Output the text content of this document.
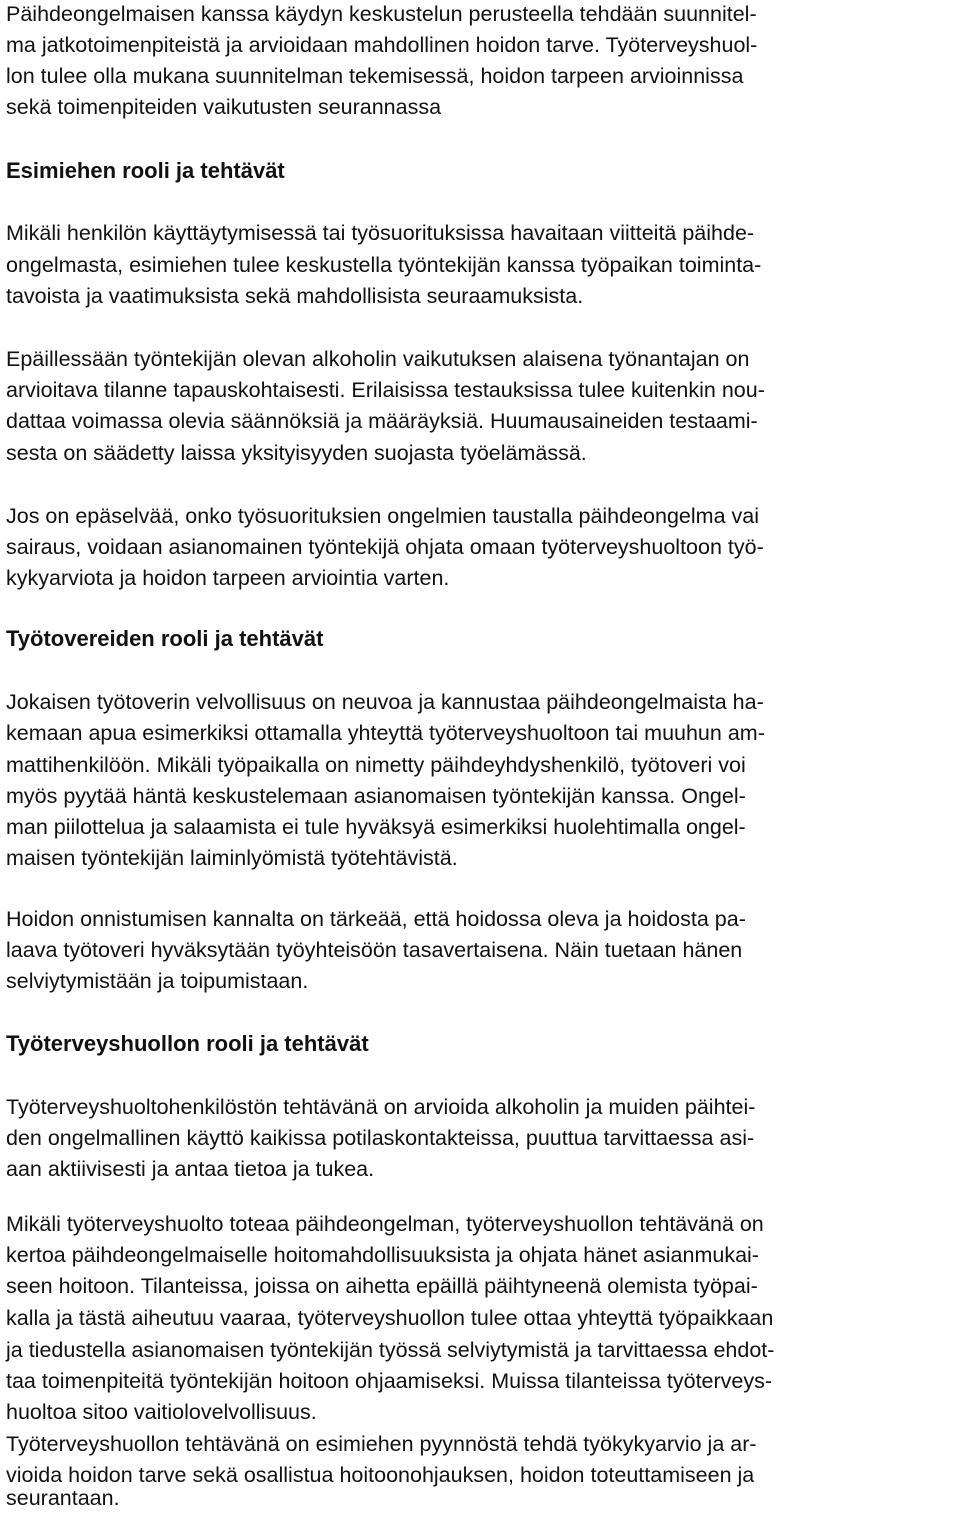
Päihdeongelmaisen kanssa käydyn keskustelun perusteella tehdään suunnitel-
ma jatkotoimenpiteistä ja arvioidaan mahdollinen hoidon tarve. Työterveyshuol-
lon tulee olla mukana suunnitelman tekemisessä, hoidon tarpeen arvioinnissa
sekä toimenpiteiden vaikutusten seurannassa
Esimiehen rooli ja tehtävät
Mikäli henkilön käyttäytymisessä tai työsuorituksissa havaitaan viitteitä päihde-
ongelmasta, esimiehen tulee keskustella työntekijän kanssa työpaikan toiminta-
tavoista ja vaatimuksista sekä mahdollisista seuraamuksista.
Epäillessään työntekijän olevan alkoholin vaikutuksen alaisena työnantajan on
arvioitava tilanne tapauskohtaisesti. Erilaisissa testauksissa tulee kuitenkin nou-
dattaa voimassa olevia säännöksiä ja määräyksiä. Huumausaineiden testaami-
sesta on säädetty laissa yksityisyyden suojasta työelämässä.
Jos on epäselvää, onko työsuorituksien ongelmien taustalla päihdeongelma vai
sairaus, voidaan asianomainen työntekijä ohjata omaan työterveyshuoltoon työ-
kykyarviota ja hoidon tarpeen arviointia varten.
Työtovereiden rooli ja tehtävät
Jokaisen työtoverin velvollisuus on neuvoa ja kannustaa päihdeongelmaista ha-
kemaan apua esimerkiksi ottamalla yhteyttä työterveyshuoltoon tai muuhun am-
mattihenkilöön. Mikäli työpaikalla on nimetty päihdeyhdyshenkilö, työtoveri voi
myös pyytää häntä keskustelemaan asianomaisen työntekijän kanssa. Ongel-
man piilottelua ja salaamista ei tule hyväksyä esimerkiksi huolehtimalla ongel-
maisen työntekijän laiminlyömistä työtehtävistä.
Hoidon onnistumisen kannalta on tärkeää, että hoidossa oleva ja hoidosta pa-
laava työtoveri hyväksytään työyhteisöön tasavertaisena. Näin tuetaan hänen
selviytymistään ja toipumistaan.
Työterveyshuollon rooli ja tehtävät
Työterveyshuoltohenkilöstön tehtävänä on arvioida alkoholin ja muiden päihtei-
den ongelmallinen käyttö kaikissa potilaskontakteissa, puuttua tarvittaessa asi-
aan aktiivisesti ja antaa tietoa ja tukea.
Mikäli työterveyshuolto toteaa päihdeongelman, työterveyshuollon tehtävänä on
kertoa päihdeongelmaiselle hoitomahdollisuuksista ja ohjata hänet asianmukai-
seen hoitoon. Tilanteissa, joissa on aihetta epäillä päihtyneenä olemista työpai-
kalla ja tästä aiheutuu vaaraa, työterveyshuollon tulee ottaa yhteyttä työpaikkaan
ja tiedustella asianomaisen työntekijän työssä selviytymistä ja tarvittaessa ehdot-
taa toimenpiteitä työntekijän hoitoon ohjaamiseksi. Muissa tilanteissa työterveys-
huoltoa sitoo vaitiolovelvollisuus.
Työterveyshuollon tehtävänä on esimiehen pyynnöstä tehdä työkykyarvio ja ar-
vioida hoidon tarve sekä osallistua hoitoonohjauksen, hoidon toteuttamiseen ja
seurantaan.
